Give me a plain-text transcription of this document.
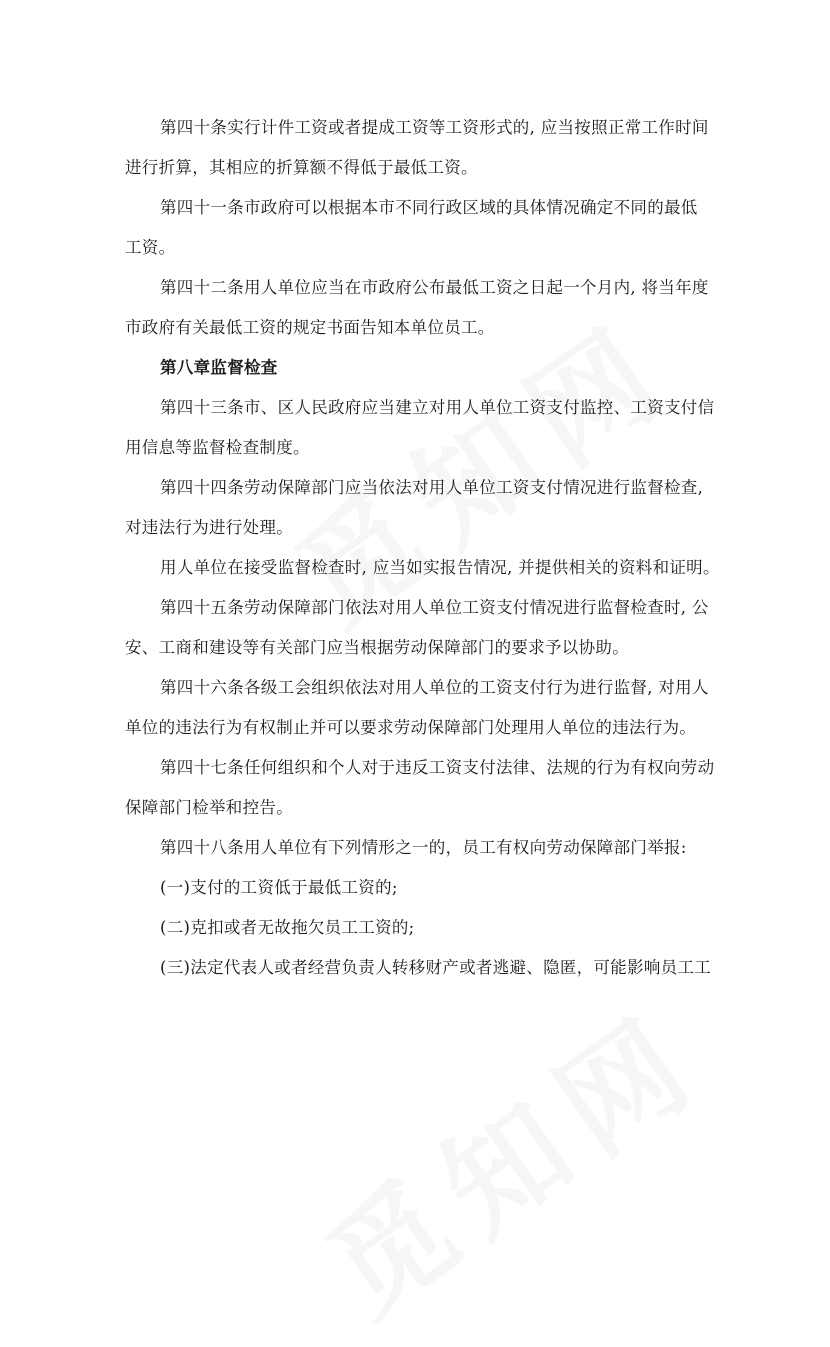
第四十条实行计件工资或者提成工资等工资形式的, 应当按照正常工作时间
进行折算，其相应的折算额不得低于最低工资。
第四十一条市政府可以根据本市不同行政区域的具体情况确定不同的最低
工资。
第四十二条用人单位应当在市政府公布最低工资之日起一个月内, 将当年度
市政府有关最低工资的规定书面告知本单位员工。
第八章监督检查
第四十三条市、区人民政府应当建立对用人单位工资支付监控、工资支付信
用信息等监督检查制度。
第四十四条劳动保障部门应当依法对用人单位工资支付情况进行监督检查,
对违法行为进行处理。
用人单位在接受监督检查时, 应当如实报告情况, 并提供相关的资料和证明。
第四十五条劳动保障部门依法对用人单位工资支付情况进行监督检查时, 公
安、工商和建设等有关部门应当根据劳动保障部门的要求予以协助。
第四十六条各级工会组织依法对用人单位的工资支付行为进行监督, 对用人
单位的违法行为有权制止并可以要求劳动保障部门处理用人单位的违法行为。
第四十七条任何组织和个人对于违反工资支付法律、法规的行为有权向劳动
保障部门检举和控告。
第四十八条用人单位有下列情形之一的，员工有权向劳动保障部门举报:
(一)支付的工资低于最低工资的;
(二)克扣或者无故拖欠员工工资的;
(三)法定代表人或者经营负责人转移财产或者逃避、隐匿，可能影响员工工
